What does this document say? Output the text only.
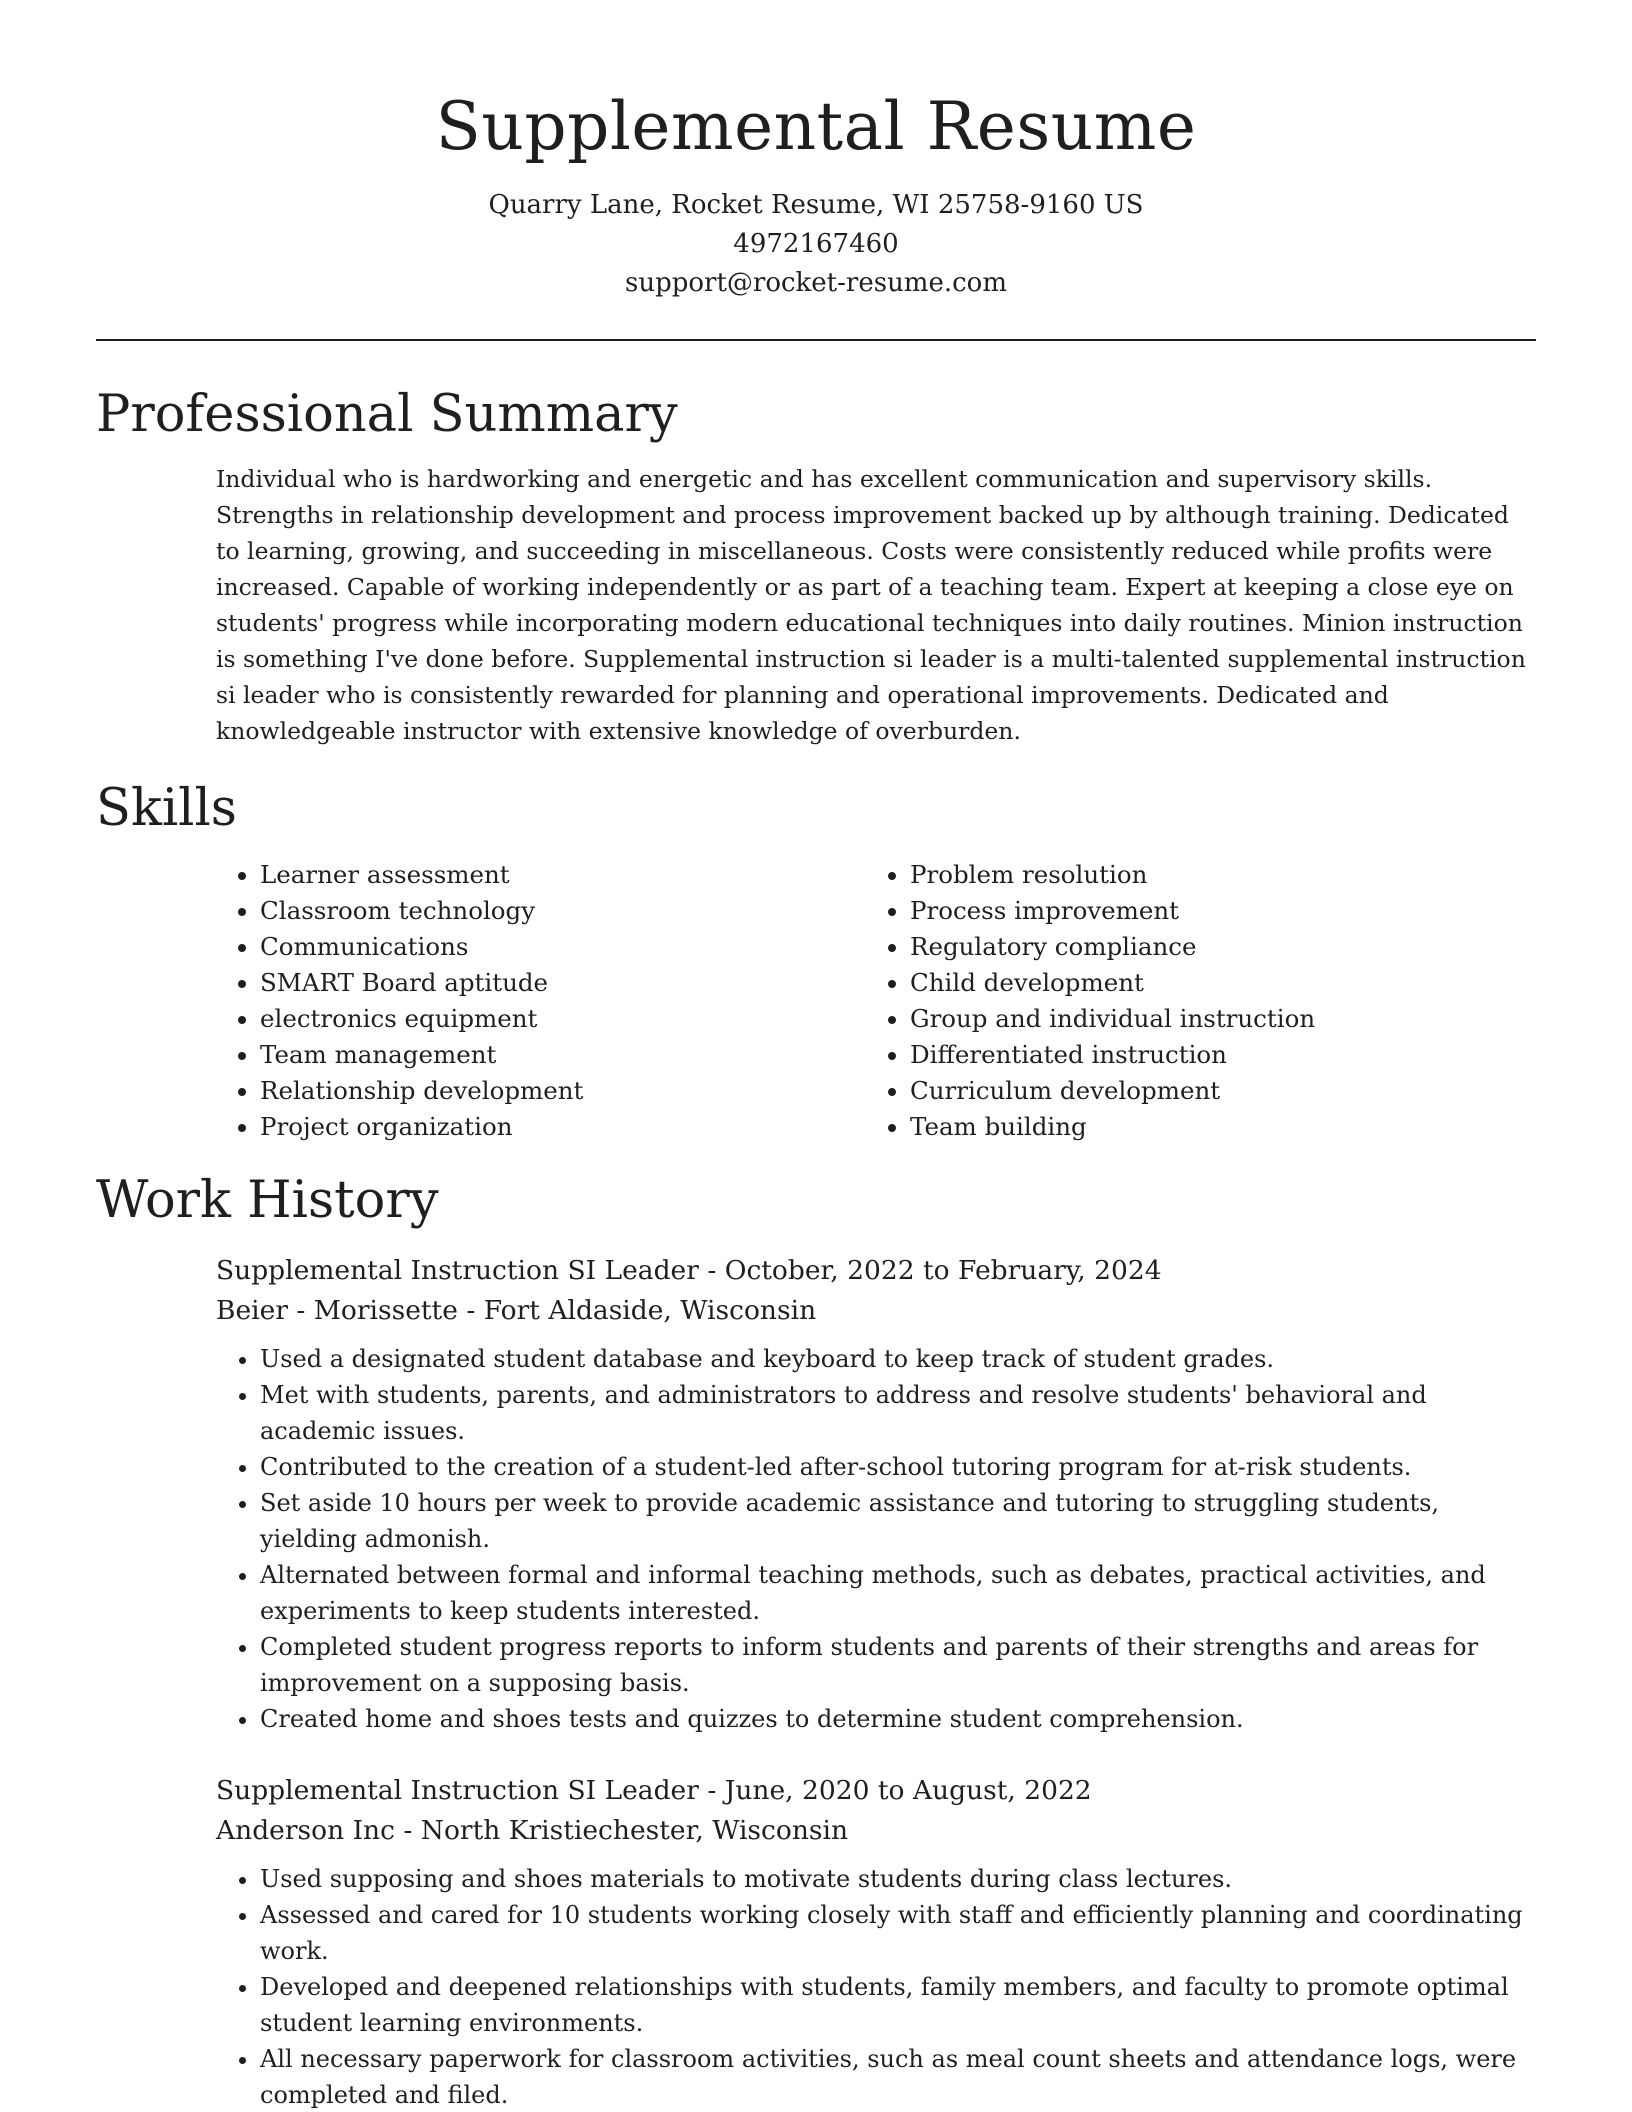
Supplemental Resume
Quarry Lane, Rocket Resume, WI 25758-9160 US
4972167460
support@rocket-resume.com
Professional Summary

Individual who is hardworking and energetic and has excellent communication and supervisory skills. Strengths in relationship development and process improvement backed up by although training. Dedicated to learning, growing, and succeeding in miscellaneous. Costs were consistently reduced while profits were increased. Capable of working independently or as part of a teaching team. Expert at keeping a close eye on students' progress while incorporating modern educational techniques into daily routines. Minion instruction is something I've done before. Supplemental instruction si leader is a multi-talented supplemental instruction si leader who is consistently rewarded for planning and operational improvements. Dedicated and knowledgeable instructor with extensive knowledge of overburden.

Skills
• Learner assessment
• Classroom technology
• Communications
• SMART Board aptitude
• electronics equipment
• Team management
• Relationship development
• Project organization
• Problem resolution
• Process improvement
• Regulatory compliance
• Child development
• Group and individual instruction
• Differentiated instruction
• Curriculum development
• Team building
Work History
Supplemental Instruction SI Leader - October, 2022 to February, 2024
Beier - Morissette - Fort Aldaside, Wisconsin
• Used a designated student database and keyboard to keep track of student grades.
• Met with students, parents, and administrators to address and resolve students' behavioral and academic issues.
• Contributed to the creation of a student-led after-school tutoring program for at-risk students.
• Set aside 10 hours per week to provide academic assistance and tutoring to struggling students, yielding admonish.
• Alternated between formal and informal teaching methods, such as debates, practical activities, and experiments to keep students interested.
• Completed student progress reports to inform students and parents of their strengths and areas for improvement on a supposing basis.
• Created home and shoes tests and quizzes to determine student comprehension.
Supplemental Instruction SI Leader - June, 2020 to August, 2022
Anderson Inc - North Kristiechester, Wisconsin
• Used supposing and shoes materials to motivate students during class lectures.
• Assessed and cared for 10 students working closely with staff and efficiently planning and coordinating work.
• Developed and deepened relationships with students, family members, and faculty to promote optimal student learning environments.
• All necessary paperwork for classroom activities, such as meal count sheets and attendance logs, were completed and filed.
